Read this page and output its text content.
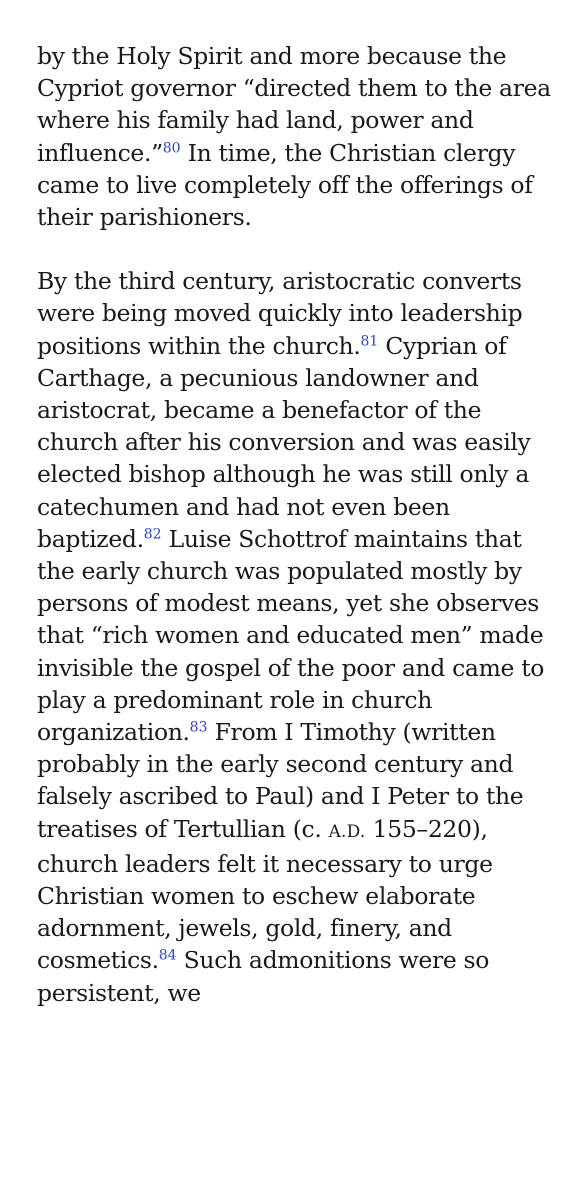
by the Holy Spirit and more because the Cypriot governor “directed them to the area where his family had land, power and influence.”$^{80}$ In time, the Christian clergy came to live completely off the offerings of their parishioners.

By the third century, aristocratic converts were being moved quickly into leadership positions within the church.$^{81}$ Cyprian of Carthage, a pecunious landowner and aristocrat, became a benefactor of the church after his conversion and was easily elected bishop although he was still only a catechumen and had not even been baptized.$^{82}$ Luise Schottrof maintains that the early church was populated mostly by persons of modest means, yet she observes that “rich women and educated men” made invisible the gospel of the poor and came to play a predominant role in church organization.$^{83}$ From I Timothy (written probably in the early second century and falsely ascribed to Paul) and I Peter to the treatises of Tertullian (c. A.D. 155–220), church leaders felt it necessary to urge Christian women to eschew elaborate adornment, jewels, gold, finery, and cosmetics.$^{84}$ Such admonitions were so persistent, we
